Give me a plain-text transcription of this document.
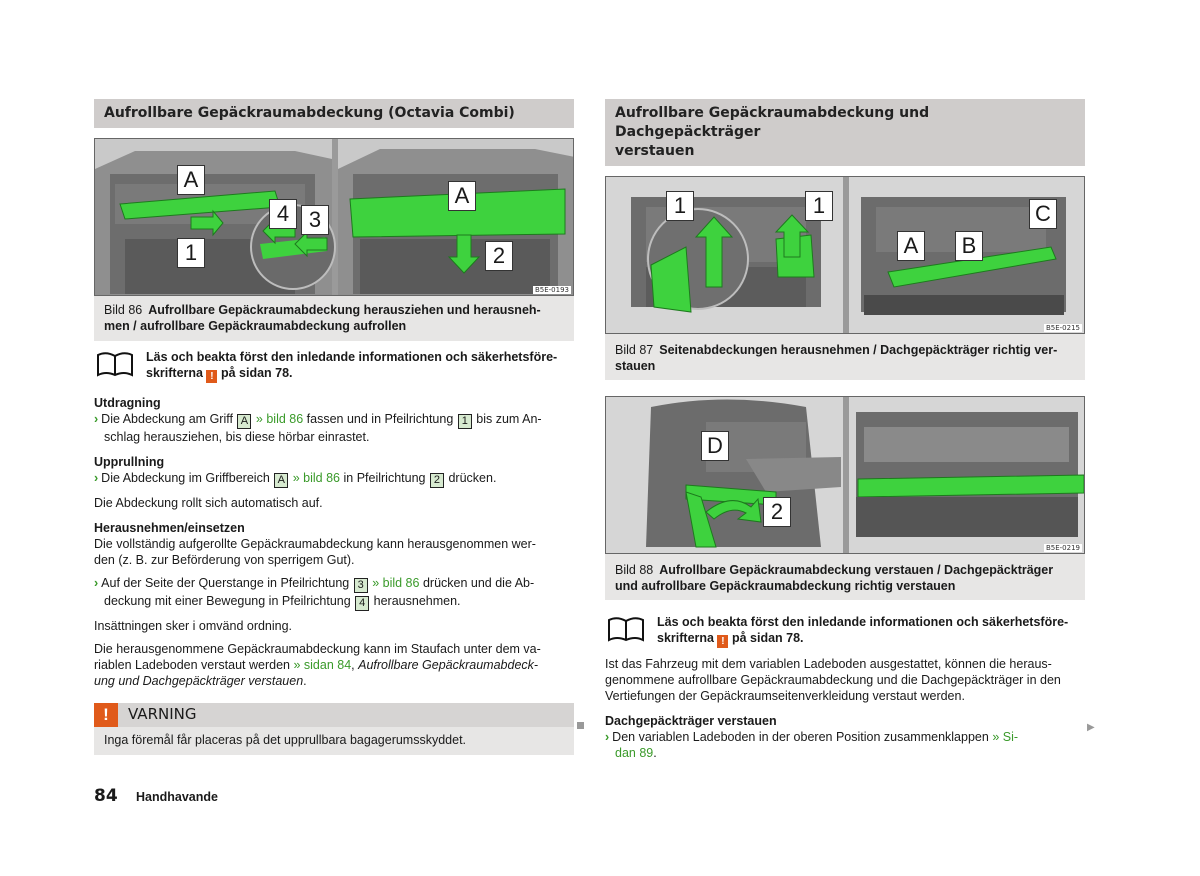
Aufrollbare Gepäckraumabdeckung (Octavia Combi)
A
4 3
1
A
2
B5E-0193
Bild 86 Aufrollbare Gepäckraumabdeckung herausziehen und herausneh-men / aufrollbare Gepäckraumabdeckung aufrollen

Läs och beakta först den inledande informationen och säkerhetsföre-

skrifterna ! på sidan 78.

Utdragning

› Die Abdeckung am Griff A » bild 86 fassen und in Pfeilrichtung 1 bis zum An-

schlag herausziehen, bis diese hörbar einrastet.

Upprullning

› Die Abdeckung im Griffbereich A » bild 86 in Pfeilrichtung 2 drücken.

Die Abdeckung rollt sich automatisch auf.

Herausnehmen/einsetzen

Die vollständig aufgerollte Gepäckraumabdeckung kann herausgenommen wer-

den (z. B. zur Beförderung von sperrigem Gut).

› Auf der Seite der Querstange in Pfeilrichtung 3 » bild 86 drücken und die Ab-

deckung mit einer Bewegung in Pfeilrichtung 4 herausnehmen.

Insättningen sker i omvänd ordning.

Die herausgenommene Gepäckraumabdeckung kann im Staufach unter dem va-

riablen Ladeboden verstaut werden » sidan 84, Aufrollbare Gepäckraumabdeck-

ung und Dachgepäckträger verstauen.

!	VARNING
Inga föremål får placeras på det upprullbara bagagerumsskyddet.
Aufrollbare Gepäckraumabdeckung und Dachgepäckträger
verstauen
1	1	C
A	B
B5E-0215
Bild 87 Seitenabdeckungen herausnehmen / Dachgepäckträger richtig ver-stauen
D
2
B5E-0219
Bild 88 Aufrollbare Gepäckraumabdeckung verstauen / Dachgepäckträger und aufrollbare Gepäckraumabdeckung richtig verstauen

Läs och beakta först den inledande informationen och säkerhetsföre-

skrifterna ! på sidan 78.

Ist das Fahrzeug mit dem variablen Ladeboden ausgestattet, können die heraus-

genommene aufrollbare Gepäckraumabdeckung und die Dachgepäckträger in den

Vertiefungen der Gepäckraumseitenverkleidung verstaut werden.

Dachgepäckträger verstauen

› Den variablen Ladeboden in der oberen Position zusammenklappen » Si-

dan 89.

▶
84 Handhavande
